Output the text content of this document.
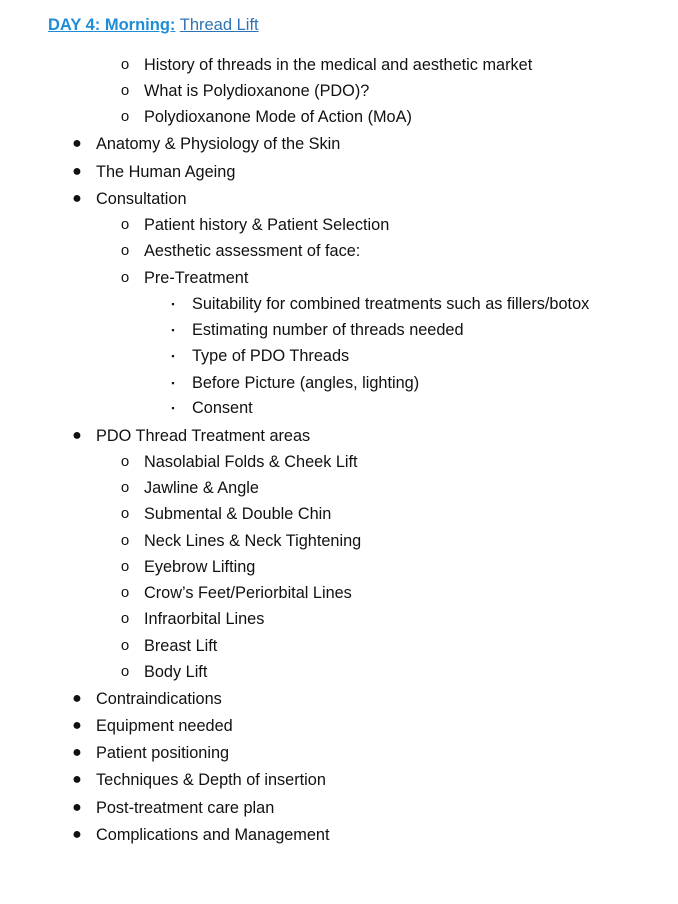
DAY 4: Morning: Thread Lift
o History of threads in the medical and aesthetic market
o What is Polydioxanone (PDO)?
o Polydioxanone Mode of Action (MoA)
● Anatomy & Physiology of the Skin
● The Human Ageing
● Consultation
o Patient history & Patient Selection
o Aesthetic assessment of face:
o Pre-Treatment
▪	Suitability for combined treatments such as fillers/botox
▪	Estimating number of threads needed
▪	Type of PDO Threads
▪	Before Picture (angles, lighting)
▪	Consent
● PDO Thread Treatment areas
o Nasolabial Folds & Cheek Lift
o Jawline & Angle
o Submental & Double Chin
o Neck Lines & Neck Tightening
o Eyebrow Lifting
o Crow’s Feet/Periorbital Lines
o Infraorbital Lines
o Breast Lift
o Body Lift
● Contraindications
● Equipment needed
● Patient positioning
● Techniques & Depth of insertion
● Post-treatment care plan
● Complications and Management
